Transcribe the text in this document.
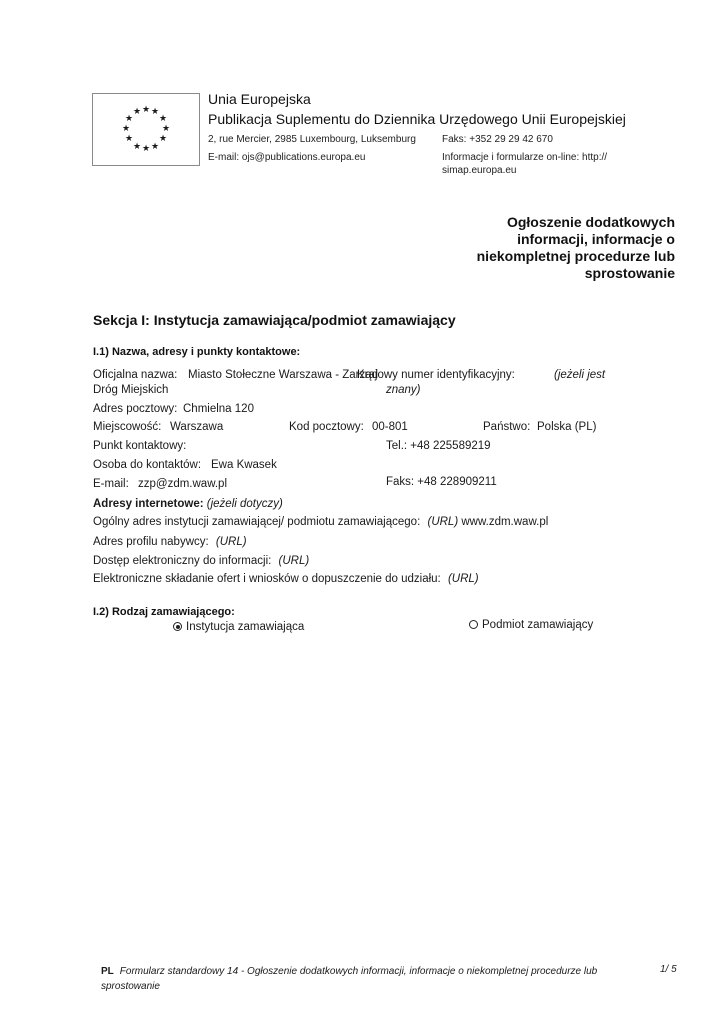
★
★ ★
★	★
★	★
★	★
★ ★
★
Unia Europejska
Publikacja Suplementu do Dziennika Urzędowego Unii Europejskiej
2, rue Mercier, 2985 Luxembourg, Luksemburg	Faks: +352 29 29 42 670
E-mail: ojs@publications.europa.eu	Informacje i formularze on-line: http://
simap.europa.eu
Ogłoszenie dodatkowych
informacji, informacje o
niekompletnej procedurze lub
sprostowanie
Sekcja I: Instytucja zamawiająca/podmiot zamawiający
I.1) Nazwa, adresy i punkty kontaktowe:
Oficjalna nazwa: Miasto Stołeczne Warszawa - Zarząd
Dróg Miejskich
Krajowy numer identyfikacyjny:	(jeżeli jest
znany)
Adres pocztowy: Chmielna 120
Miejscowość: Warszawa	Kod pocztowy: 00-801	Państwo: Polska (PL)
Punkt kontaktowy:	Tel.: +48 225589219
Osoba do kontaktów: Ewa Kwasek
E-mail: zzp@zdm.waw.pl	Faks: +48 228909211
Adresy internetowe: (jeżeli dotyczy)
Ogólny adres instytucji zamawiającej/ podmiotu zamawiającego: (URL) www.zdm.waw.pl
Adres profilu nabywcy: (URL)
Dostęp elektroniczny do informacji: (URL)
Elektroniczne składanie ofert i wniosków o dopuszczenie do udziału: (URL)
I.2) Rodzaj zamawiającego:
Instytucja zamawiająca	Podmiot zamawiający
PL Formularz standardowy 14 - Ogłoszenie dodatkowych informacji, informacje o niekompletnej procedurze lub
sprostowanie
1/ 5
